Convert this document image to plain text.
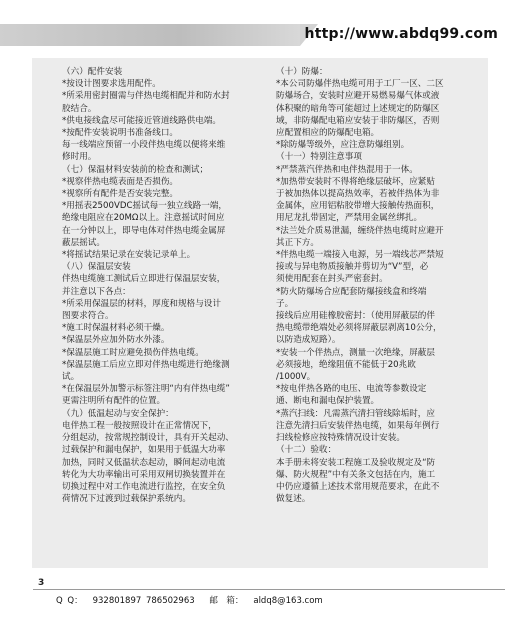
http://www.abdq99.com

（六）配件安装

*按设计图要求选用配件。

*所采用密封圈需与伴热电缆相配并和防水封

胶结合。

*供电接线盒尽可能接近管道线路供电端。

*按配件安装说明书准备线口。

每一线端应预留一小段伴热电缆以便将来维

修时用。

（七）保温材料安装前的检查和测试；

*视察伴热电缆表面是否损伤。

*视察所有配件是否安装完整。

*用摇表2500VDC摇试每一独立线路一端，

绝缘电阻应在20MΩ以上。注意摇试时间应

在一分钟以上，即导电体对伴热电缆金属屏

蔽层摇试。

*将摇试结果记录在安装记录单上。

（八）保温层安装

伴热电缆施工测试后立即进行保温层安装，

并注意以下各点：

*所采用保温层的材料，厚度和规格与设计

图要求符合。

*施工时保温材料必须干燥。

*保温层外应加外防水外漆。

*保温层施工时应避免损伤伴热电缆。

*保温层施工后应立即对伴热电缆进行绝缘测

试。

*在保温层外加警示标签注明“内有伴热电缆”

更需注明所有配件的位置。

（九）低温起动与安全保护：

电伴热工程一般按照设计在正常情况下，

分组起动，按常规控制设计，具有开关起动、

过载保护和漏电保护，如果用于低温大功率

加热，同时又低温状态起动，瞬间起动电流

转化为大功率输出可采用双闸切换装置并在

切换过程中对工作电流进行监控，在安全负

荷情况下过渡到过载保护系统内。

（十）防爆：

*本公司防爆伴热电缆可用于工厂一区、二区

防爆场合，安装时应避开易燃易爆气体或液

体积聚的暗角等可能超过上述规定的防爆区

域，非防爆配电箱应安装于非防爆区，否则

应配置相应的防爆配电箱。

*除防爆等级外，应注意防爆组别。

（十一）特别注意事项

*严禁蒸汽伴热和电伴热混用于一体。

*加热带安装时不得将绝缘层破坏，应紧贴

于被加热体以提高热效率，若被伴热体为非

金属体，应用铝粘胶带增大接触传热面积，

用尼龙扎带固定，严禁用金属丝绑扎。

*法兰处介质易泄漏，缠绕伴热电缆时应避开

其正下方。

*伴热电缆一端接入电源，另一端线芯严禁短

接或与异电物质接触并剪切为“V”型，必

须使用配套在封头严密套封。

*防火防爆场合应配套防爆接线盒和终端

子。

接线后应用硅橡胶密封：（使用屏蔽层的伴

热电缆带绝端处必须将屏蔽层剥离10公分，

以防造成短路）。

*安装一个伴热点，测量一次绝缘，屏蔽层

必须接地，绝缘阻值不能低于20兆欧

/1000V。

*按电伴热各路的电压、电流等参数设定

通、断电和漏电保护装置。

*蒸汽扫线：凡需蒸汽清扫管线除垢时，应

注意先清扫后安装伴热电缆，如果每年例行

扫线检修应按特殊情况设计安装。

（十二）验收：

本手册未将安装工程施工及验收规定及“防

爆、防火规程”中有关条文包括在内，施工

中仍应遵循上述技术常用规范要求，在此不

做复述。

3
Q Q： 932801897 786502963 邮　箱： aldq8@163.com
